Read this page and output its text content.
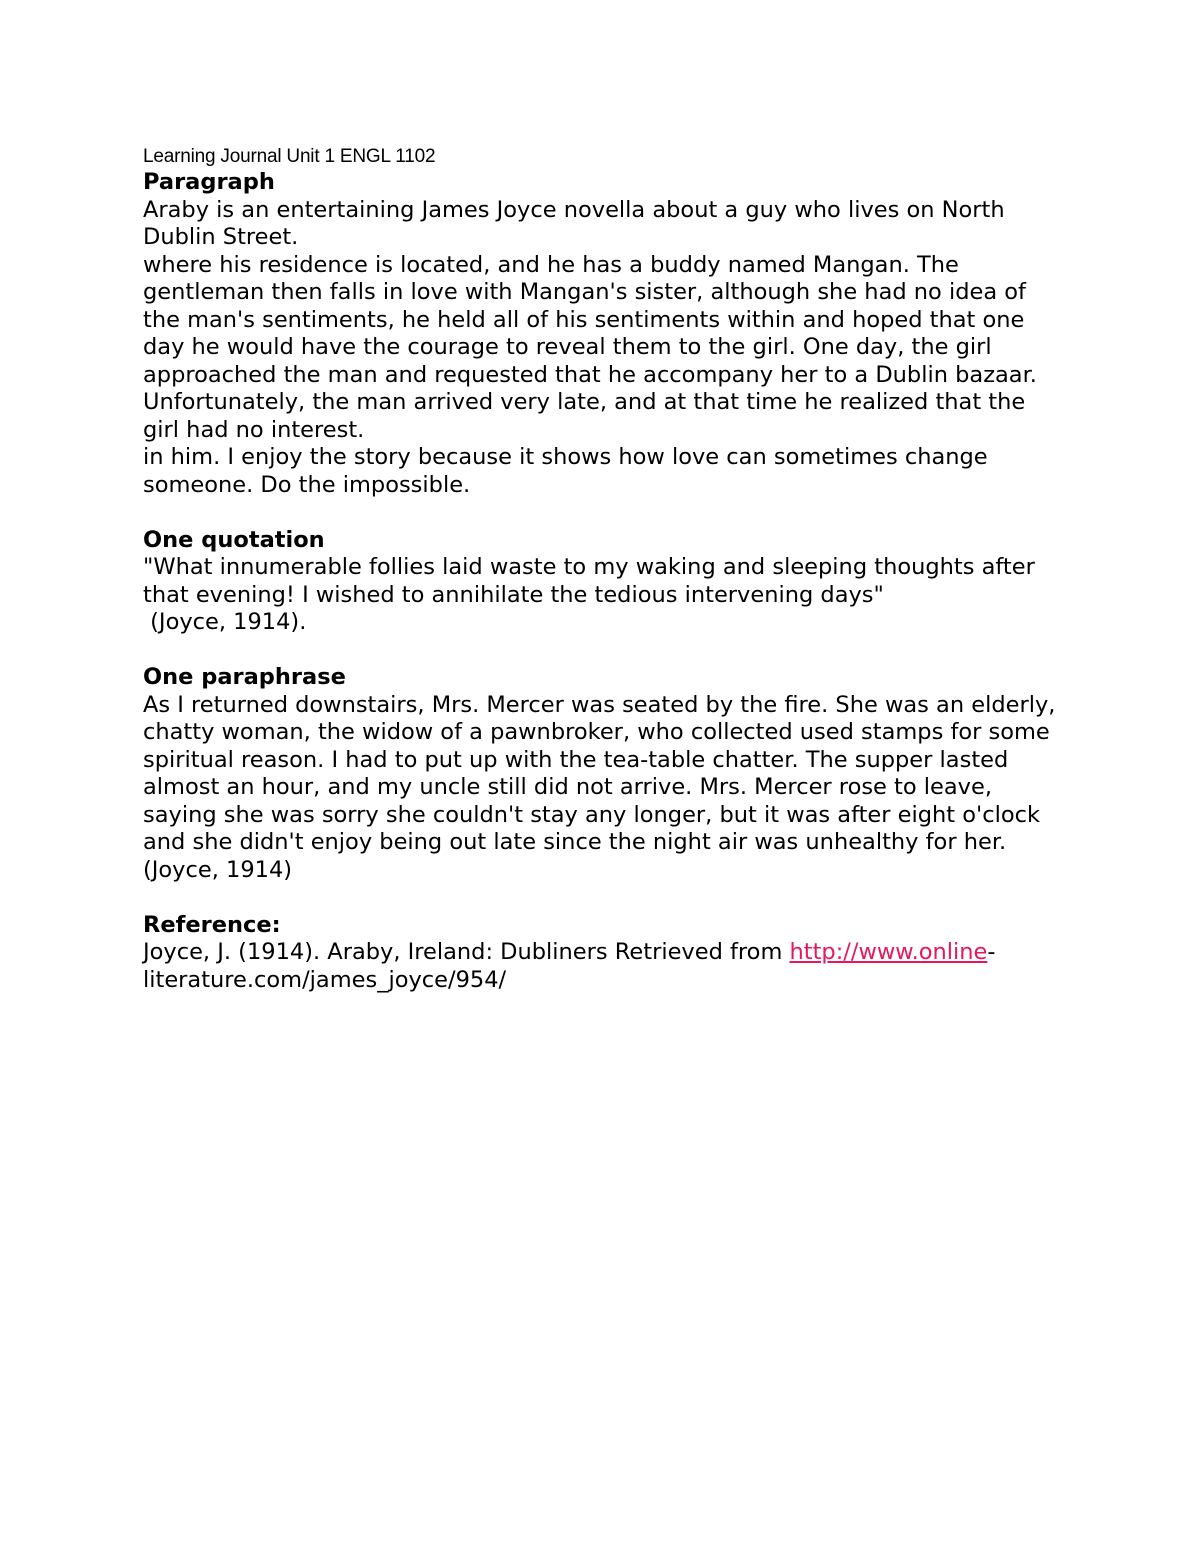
Learning Journal Unit 1 ENGL 1102

Paragraph

Araby is an entertaining James Joyce novella about a guy who lives on North Dublin Street.

where his residence is located, and he has a buddy named Mangan. The gentleman then falls in love with Mangan's sister, although she had no idea of the man's sentiments, he held all of his sentiments within and hoped that one day he would have the courage to reveal them to the girl. One day, the girl approached the man and requested that he accompany her to a Dublin bazaar.

Unfortunately, the man arrived very late, and at that time he realized that the girl had no interest.

in him. I enjoy the story because it shows how love can sometimes change someone. Do the impossible.

One quotation

"What innumerable follies laid waste to my waking and sleeping thoughts after that evening! I wished to annihilate the tedious intervening days"

(Joyce, 1914).

One paraphrase

As I returned downstairs, Mrs. Mercer was seated by the fire. She was an elderly, chatty woman, the widow of a pawnbroker, who collected used stamps for some spiritual reason. I had to put up with the tea-table chatter. The supper lasted almost an hour, and my uncle still did not arrive. Mrs. Mercer rose to leave, saying she was sorry she couldn't stay any longer, but it was after eight o'clock and she didn't enjoy being out late since the night air was unhealthy for her.  (Joyce, 1914)

Reference:

Joyce, J. (1914). Araby, Ireland: Dubliners Retrieved from http://www.online-literature.com/james_joyce/954/
